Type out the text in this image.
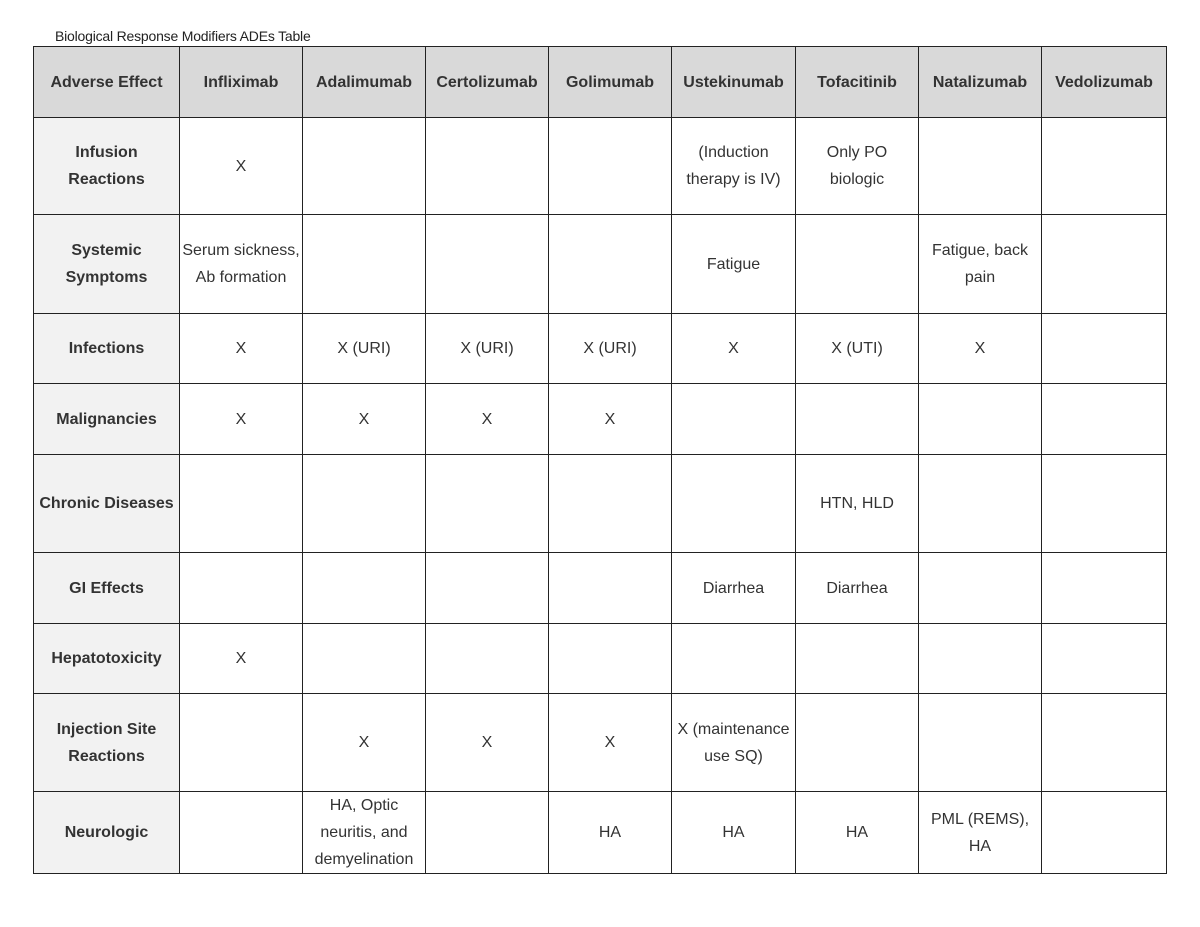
Biological Response Modifiers ADEs Table
Adverse Effect	Infliximab	Adalimumab	Certolizumab	Golimumab	Ustekinumab	Tofacitinib	Natalizumab	Vedolizumab
Infusion Reactions	X				(Induction therapy is IV)	Only PO biologic		
Systemic Symptoms	Serum sickness, Ab formation				Fatigue		Fatigue, back pain	
Infections	X	X (URI)	X (URI)	X (URI)	X	X (UTI)	X	
Malignancies	X	X	X	X				
Chronic Diseases						HTN, HLD		
GI Effects					Diarrhea	Diarrhea		
Hepatotoxicity	X							
Injection Site Reactions		X	X	X	X (maintenance use SQ)			
Neurologic		HA, Optic neuritis, and demyelination		HA	HA	HA	PML (REMS), HA	
